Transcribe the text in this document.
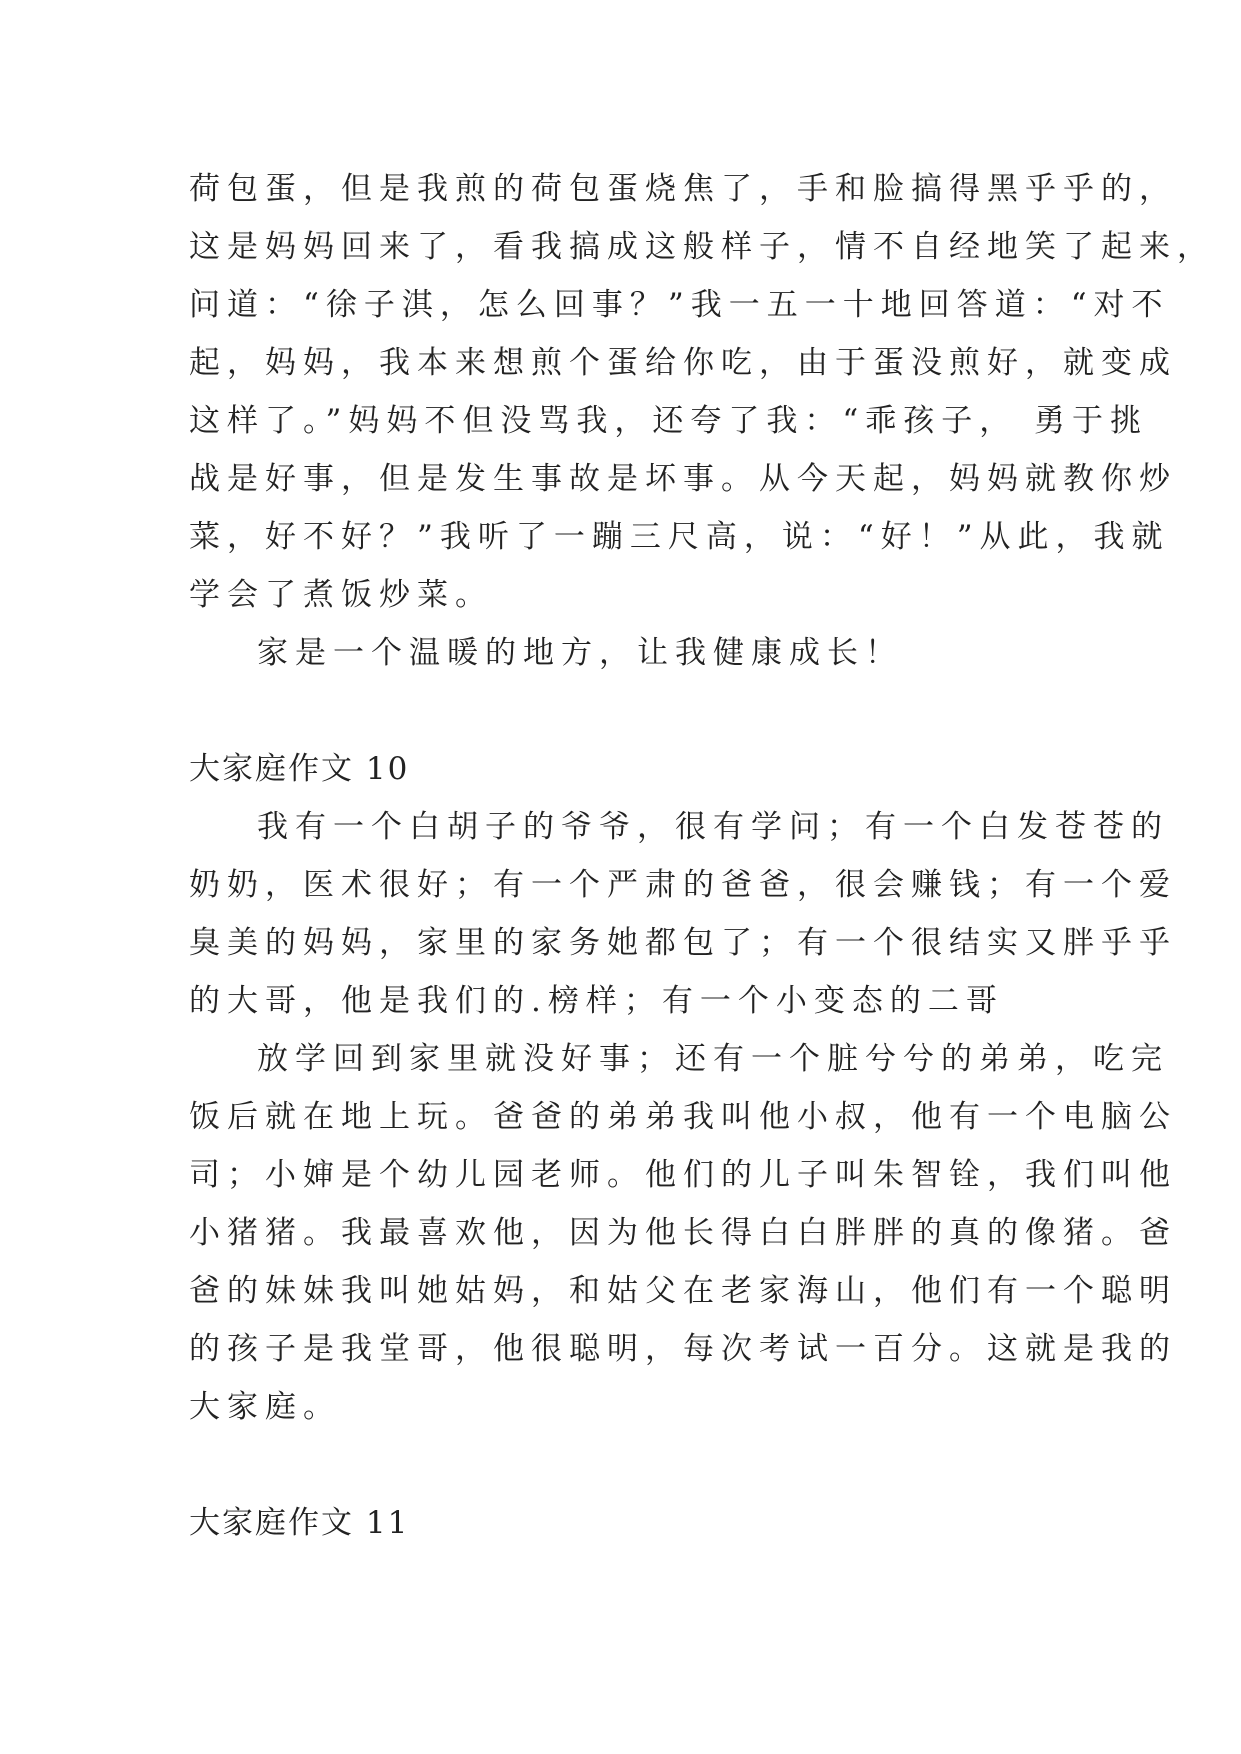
荷包蛋，但是我煎的荷包蛋烧焦了，手和脸搞得黑乎乎的，
这是妈妈回来了，看我搞成这般样子，情不自经地笑了起来，
问道：“徐子淇，怎么回事？”我一五一十地回答道：“对不
起，妈妈，我本来想煎个蛋给你吃，由于蛋没煎好，就变成
这样了。”妈妈不但没骂我，还夸了我：“乖孩子， 勇于挑
战是好事，但是发生事故是坏事。从今天起，妈妈就教你炒
菜，好不好？”我听了一蹦三尺高，说：“好！”从此，我就
学会了煮饭炒菜。
家是一个温暖的地方，让我健康成长！
大家庭作文 10
我有一个白胡子的爷爷，很有学问；有一个白发苍苍的
奶奶，医术很好；有一个严肃的爸爸，很会赚钱；有一个爱
臭美的妈妈，家里的家务她都包了；有一个很结实又胖乎乎
的大哥，他是我们的.榜样；有一个小变态的二哥
放学回到家里就没好事；还有一个脏兮兮的弟弟，吃完
饭后就在地上玩。爸爸的弟弟我叫他小叔，他有一个电脑公
司；小婶是个幼儿园老师。他们的儿子叫朱智铨，我们叫他
小猪猪。我最喜欢他，因为他长得白白胖胖的真的像猪。爸
爸的妹妹我叫她姑妈，和姑父在老家海山，他们有一个聪明
的孩子是我堂哥，他很聪明，每次考试一百分。这就是我的
大家庭。
大家庭作文 11
